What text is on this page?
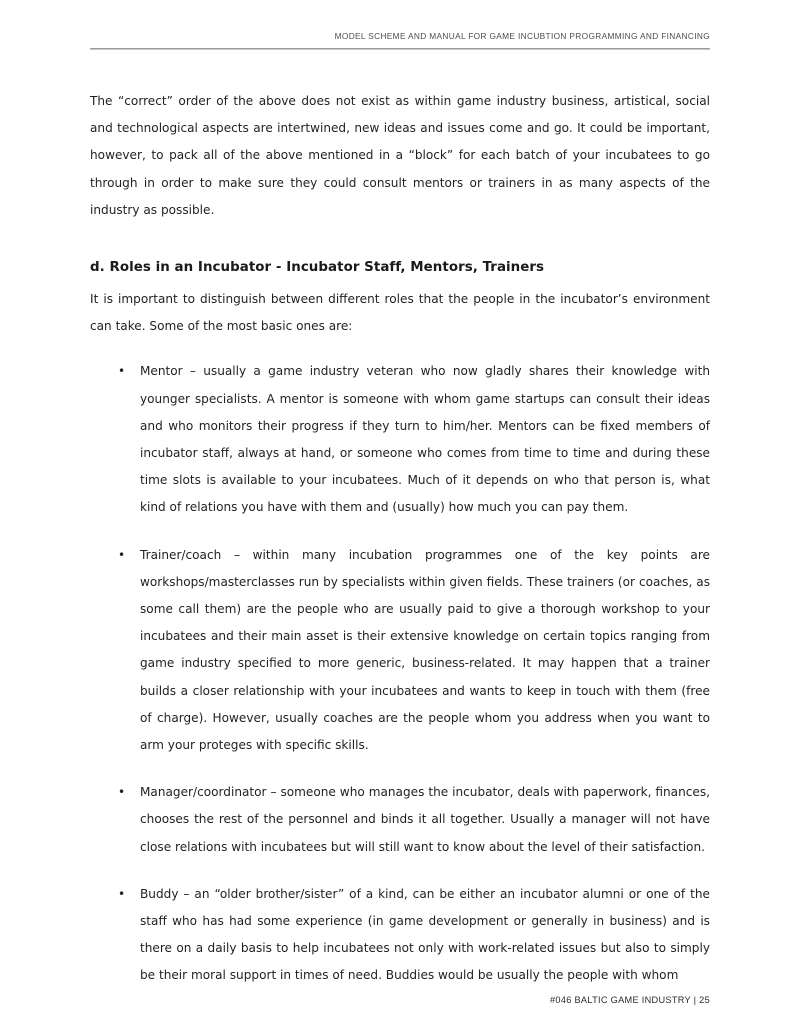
MODEL SCHEME AND MANUAL FOR GAME INCUBTION PROGRAMMING AND FINANCING

The “correct” order of the above does not exist as within game industry business, artistical, social and technological aspects are intertwined, new ideas and issues come and go. It could be important, however, to pack all of the above mentioned in a “block” for each batch of your incubatees to go through in order to make sure they could consult mentors or trainers in as many aspects of the industry as possible.

d. Roles in an Incubator - Incubator Staff, Mentors, Trainers

It is important to distinguish between different roles that the people in the incubator’s environment can take. Some of the most basic ones are:

• Mentor – usually a game industry veteran who now gladly shares their knowledge with younger specialists. A mentor is someone with whom game startups can consult their ideas and who monitors their progress if they turn to him/her. Mentors can be fixed members of incubator staff, always at hand, or someone who comes from time to time and during these time slots is available to your incubatees. Much of it depends on who that person is, what kind of relations you have with them and (usually) how much you can pay them.
• Trainer/coach – within many incubation programmes one of the key points are workshops/masterclasses run by specialists within given fields. These trainers (or coaches, as some call them) are the people who are usually paid to give a thorough workshop to your incubatees and their main asset is their extensive knowledge on certain topics ranging from game industry specified to more generic, business-related. It may happen that a trainer builds a closer relationship with your incubatees and wants to keep in touch with them (free of charge). However, usually coaches are the people whom you address when you want to arm your proteges with specific skills.
• Manager/coordinator – someone who manages the incubator, deals with paperwork, finances, chooses the rest of the personnel and binds it all together. Usually a manager will not have close relations with incubatees but will still want to know about the level of their satisfaction.
• Buddy – an “older brother/sister” of a kind, can be either an incubator alumni or one of the staff who has had some experience (in game development or generally in business) and is there on a daily basis to help incubatees not only with work-related issues but also to simply be their moral support in times of need. Buddies would be usually the people with whom
#046 BALTIC GAME INDUSTRY | 25
